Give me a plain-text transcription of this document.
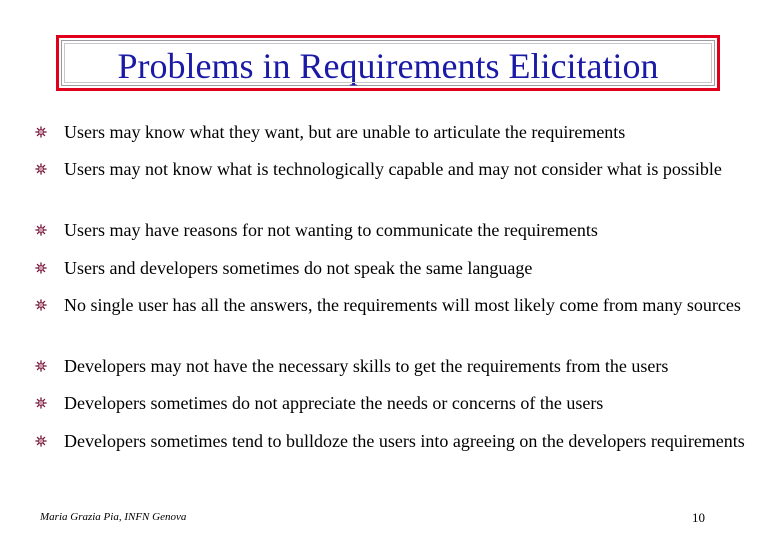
Problems in Requirements Elicitation
Users may know what they want, but are unable to articulate the requirements
Users may not know what is technologically capable and may not consider what is possible
Users may have reasons for not wanting to communicate the requirements
Users and developers sometimes do not speak the same language
No single user has all the answers, the requirements will most likely come from many sources
Developers may not have the necessary skills to get the requirements from the users
Developers sometimes do not appreciate the needs or concerns of the users
Developers sometimes tend to bulldoze the users into agreeing on the developers requirements
Maria Grazia Pia, INFN Genova	10
